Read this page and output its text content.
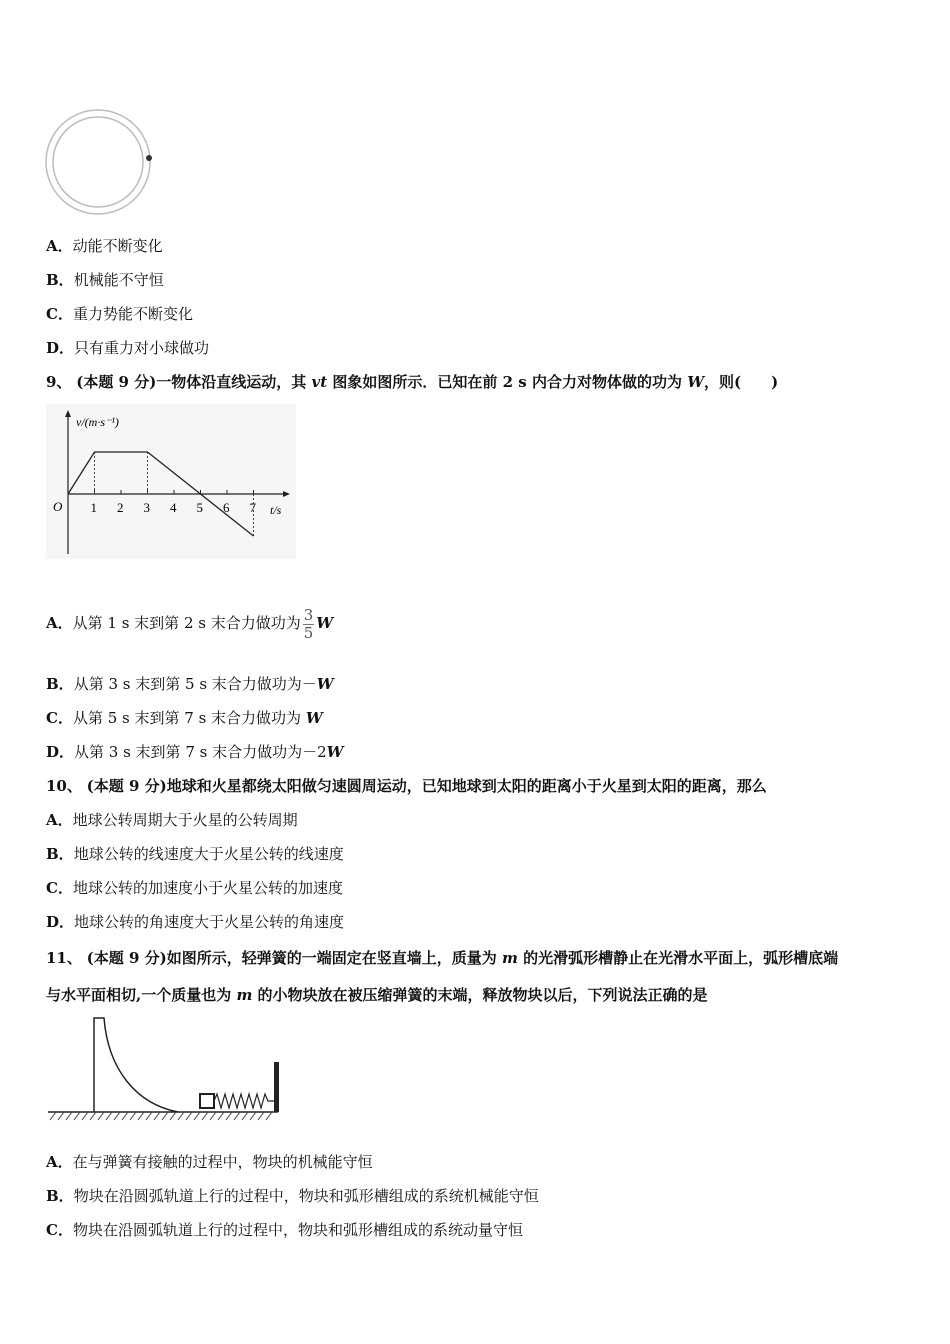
A．动能不断变化
B．机械能不守恒
C．重力势能不断变化
D．只有重力对小球做功
9、 (本题 9 分)一物体沿直线运动，其 vt 图象如图所示．已知在前 2 s 内合力对物体做的功为 W，则(　　)
v/(m·s⁻¹)
t/s
O 1 2 3 4 5 6 7
A．从第 1 s 末到第 2 s 末合力做功为 $\frac{3}{5}$ W
B．从第 3 s 末到第 5 s 末合力做功为－W
C．从第 5 s 末到第 7 s 末合力做功为 W
D．从第 3 s 末到第 7 s 末合力做功为－2W
10、 (本题 9 分)地球和火星都绕太阳做匀速圆周运动，已知地球到太阳的距离小于火星到太阳的距离，那么
A．地球公转周期大于火星的公转周期
B．地球公转的线速度大于火星公转的线速度
C．地球公转的加速度小于火星公转的加速度
D．地球公转的角速度大于火星公转的角速度
11、 (本题 9 分)如图所示，轻弹簧的一端固定在竖直墙上，质量为 m 的光滑弧形槽静止在光滑水平面上，弧形槽底端
与水平面相切,一个质量也为 m 的小物块放在被压缩弹簧的末端，释放物块以后，下列说法正确的是
A．在与弹簧有接触的过程中，物块的机械能守恒
B．物块在沿圆弧轨道上行的过程中，物块和弧形槽组成的系统机械能守恒
C．物块在沿圆弧轨道上行的过程中，物块和弧形槽组成的系统动量守恒
